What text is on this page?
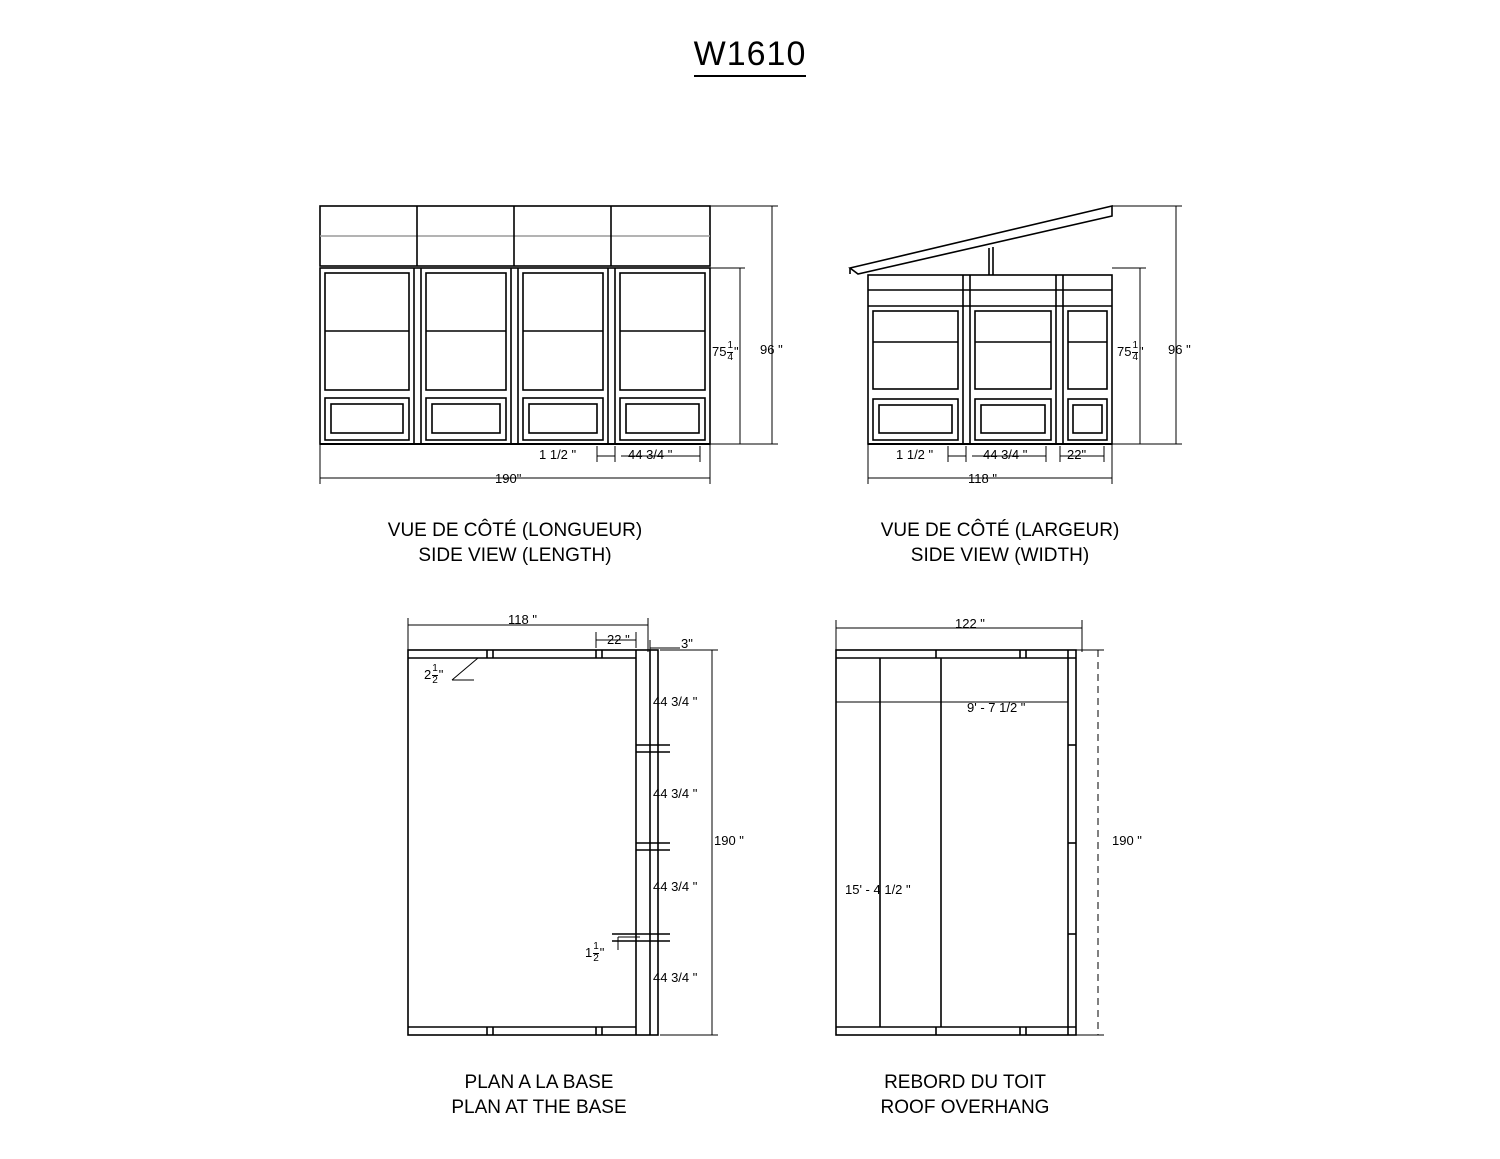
W1610
$75 \frac{1}{4}$ " 96 "
1 1/2 "	44 3/4 "
190"
VUE DE CÔTÉ (LONGUEUR)
SIDE VIEW (LENGTH)
$75 \frac{1}{4}$ " 96 "
1 1/2 "	44 3/4 "	22"
118 "
VUE DE CÔTÉ (LARGEUR)
SIDE VIEW (WIDTH)
118 "
22 "	3"
$2 \frac{1}{2}$ "
44 3/4 "
44 3/4 "
44 3/4 "
44 3/4 "
$1 \frac{1}{2}$ "
190 "
PLAN A LA BASE
PLAN AT THE BASE
122 "
9' - 7 1/2 "
15' - 4 1/2 "
190 "
REBORD DU TOIT
ROOF OVERHANG
